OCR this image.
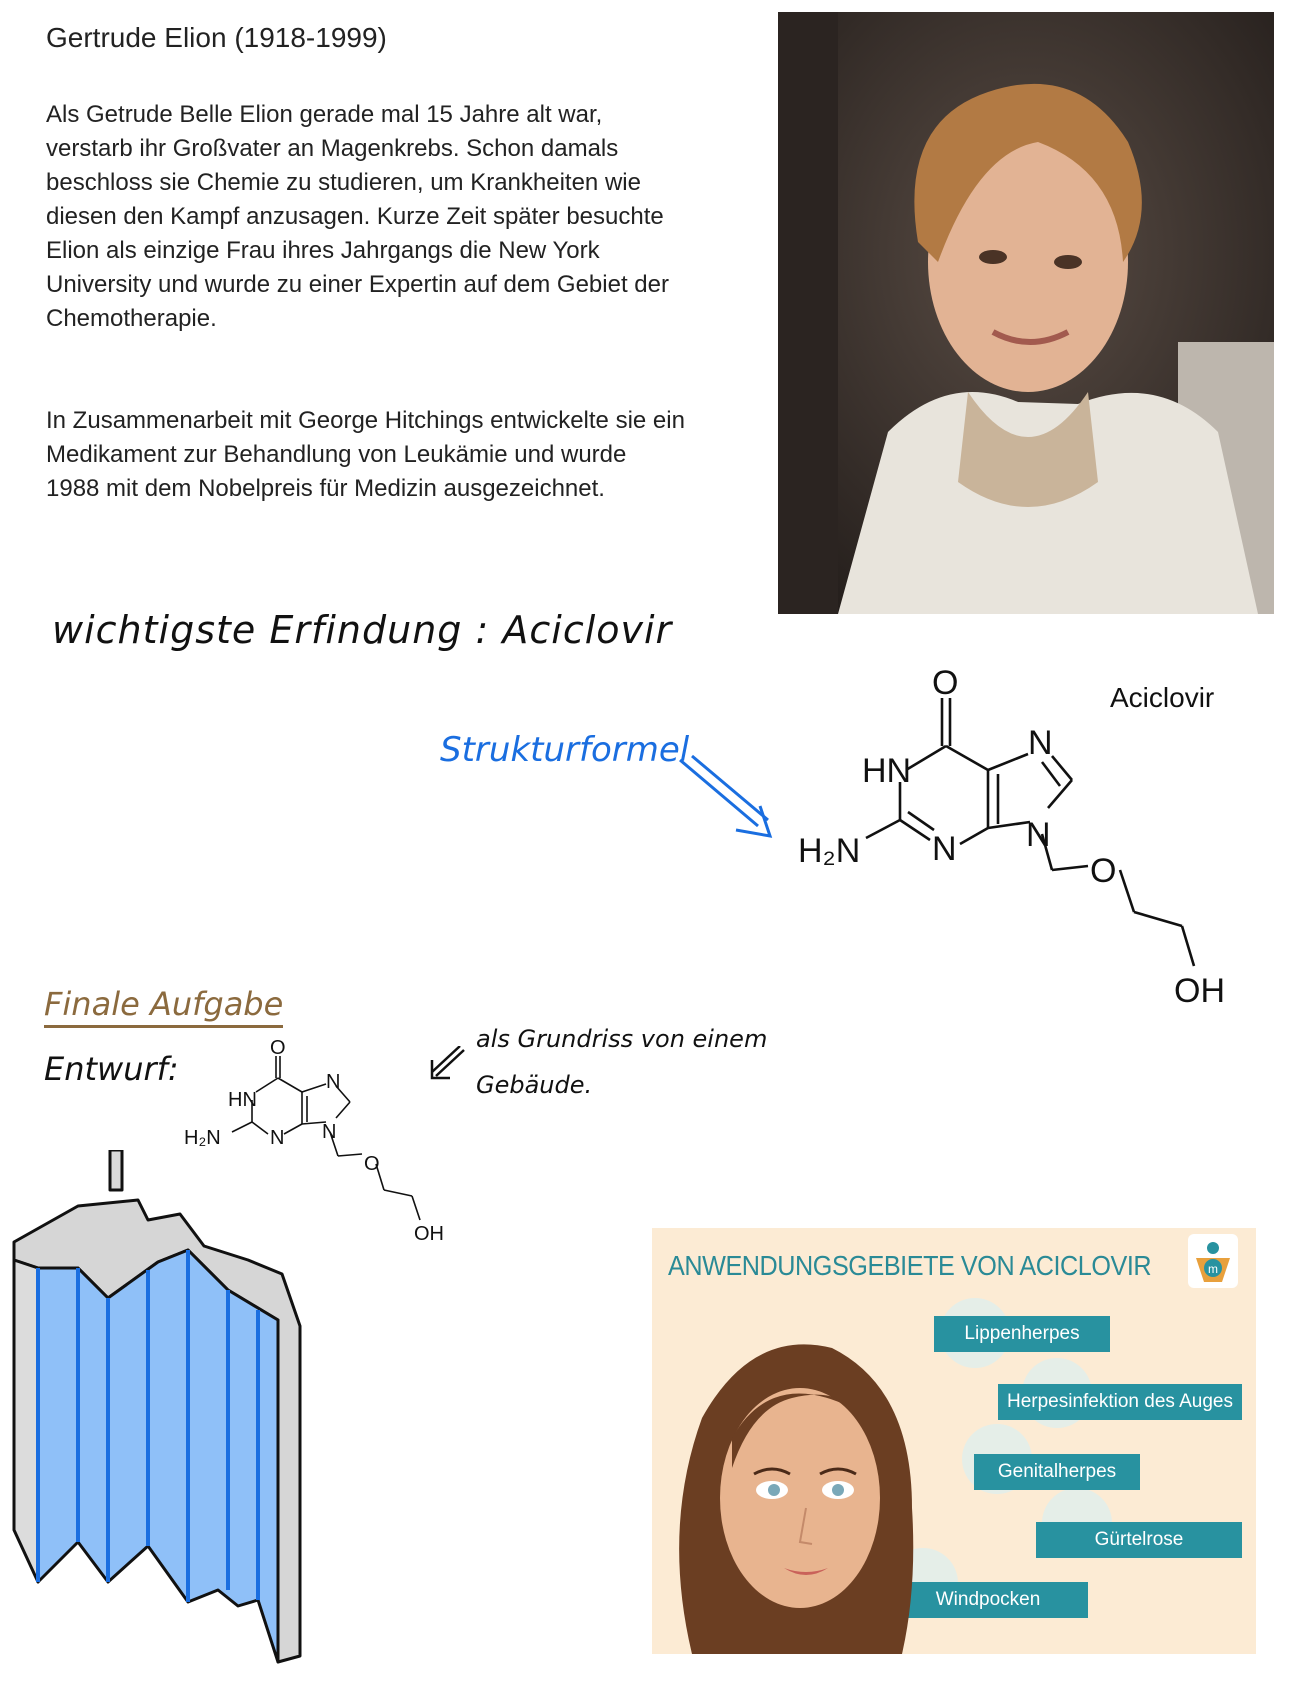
Gertrude Elion (1918-1999)
Als Getrude Belle Elion gerade mal 15 Jahre alt war, verstarb ihr Großvater an Magenkrebs. Schon damals beschloss sie Chemie zu studieren, um Krankheiten wie diesen den Kampf anzusagen. Kurze Zeit später besuchte Elion als einzige Frau ihres Jahrgangs die New York University und wurde zu einer Expertin auf dem Gebiet der Chemotherapie.
In Zusammenarbeit mit George Hitchings entwickelte sie ein Medikament zur Behandlung von Leukämie und wurde 1988 mit dem Nobelpreis für Medizin ausgezeichnet.
wichtigste Erfindung : Aciclovir
Strukturformel
Aciclovir
O
HN
N
N N
H₂N
O
OH
Finale Aufgabe
Entwurf:
als Grundriss von einem Gebäude.
O
HN
N
N N
H₂N
O
OH
ANWENDUNGSGEBIETE VON ACICLOVIR	m
Lippenherpes
Herpesinfektion des Auges
Genitalherpes
Gürtelrose
Windpocken
